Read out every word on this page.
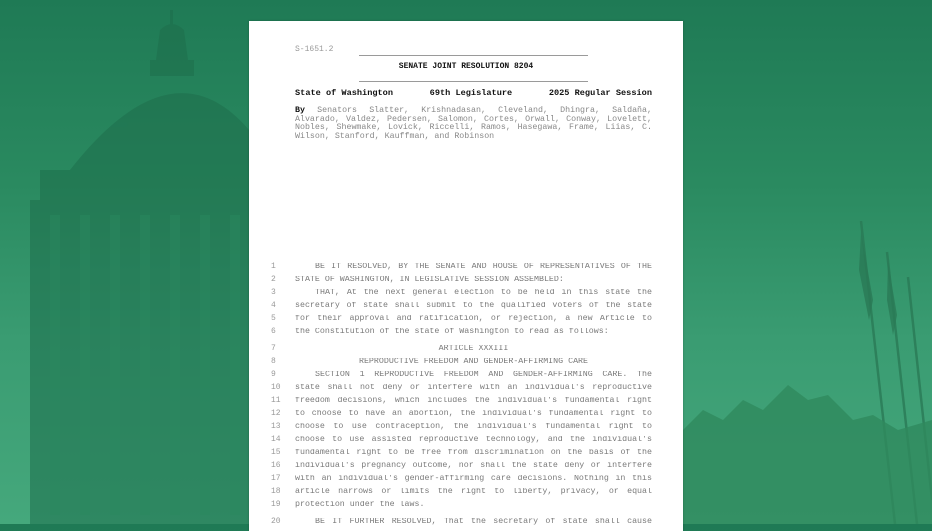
S-1651.2
SENATE JOINT RESOLUTION 8204
State of Washington	69th Legislature	2025 Regular Session
By Senators Slatter, Krishnadasan, Cleveland, Dhingra, Saldaña, Alvarado, Valdez, Pedersen, Salomon, Cortes, Orwall, Conway, Lovelett, Nobles, Shewmake, Lovick, Riccelli, Ramos, Hasegawa, Frame, Liias, C. Wilson, Stanford, Kauffman, and Robinson
1	BE IT RESOLVED, BY THE SENATE AND HOUSE OF REPRESENTATIVES OF THE
2	STATE OF WASHINGTON, IN LEGISLATIVE SESSION ASSEMBLED:
3	THAT, At the next general election to be held in this state the
4	secretary of state shall submit to the qualified voters of the state
5	for their approval and ratification, or rejection, a new Article to
6	the Constitution of the state of Washington to read as follows:
7	ARTICLE XXXIII
8	REPRODUCTIVE FREEDOM AND GENDER-AFFIRMING CARE
9	SECTION 1 REPRODUCTIVE FREEDOM AND GENDER-AFFIRMING CARE. The
10 state shall not deny or interfere with an individual's reproductive
11 freedom decisions, which includes the individual's fundamental right
12 to choose to have an abortion, the individual's fundamental right to
13 choose to use contraception, the individual's fundamental right to
14 choose to use assisted reproductive technology, and the individual's
15 fundamental right to be free from discrimination on the basis of the
16 individual's pregnancy outcome, nor shall the state deny or interfere
17 with an individual's gender-affirming care decisions. Nothing in this
18 article narrows or limits the right to liberty, privacy, or equal
19 protection under the laws.
20	BE IT FURTHER RESOLVED, That the secretary of state shall cause
